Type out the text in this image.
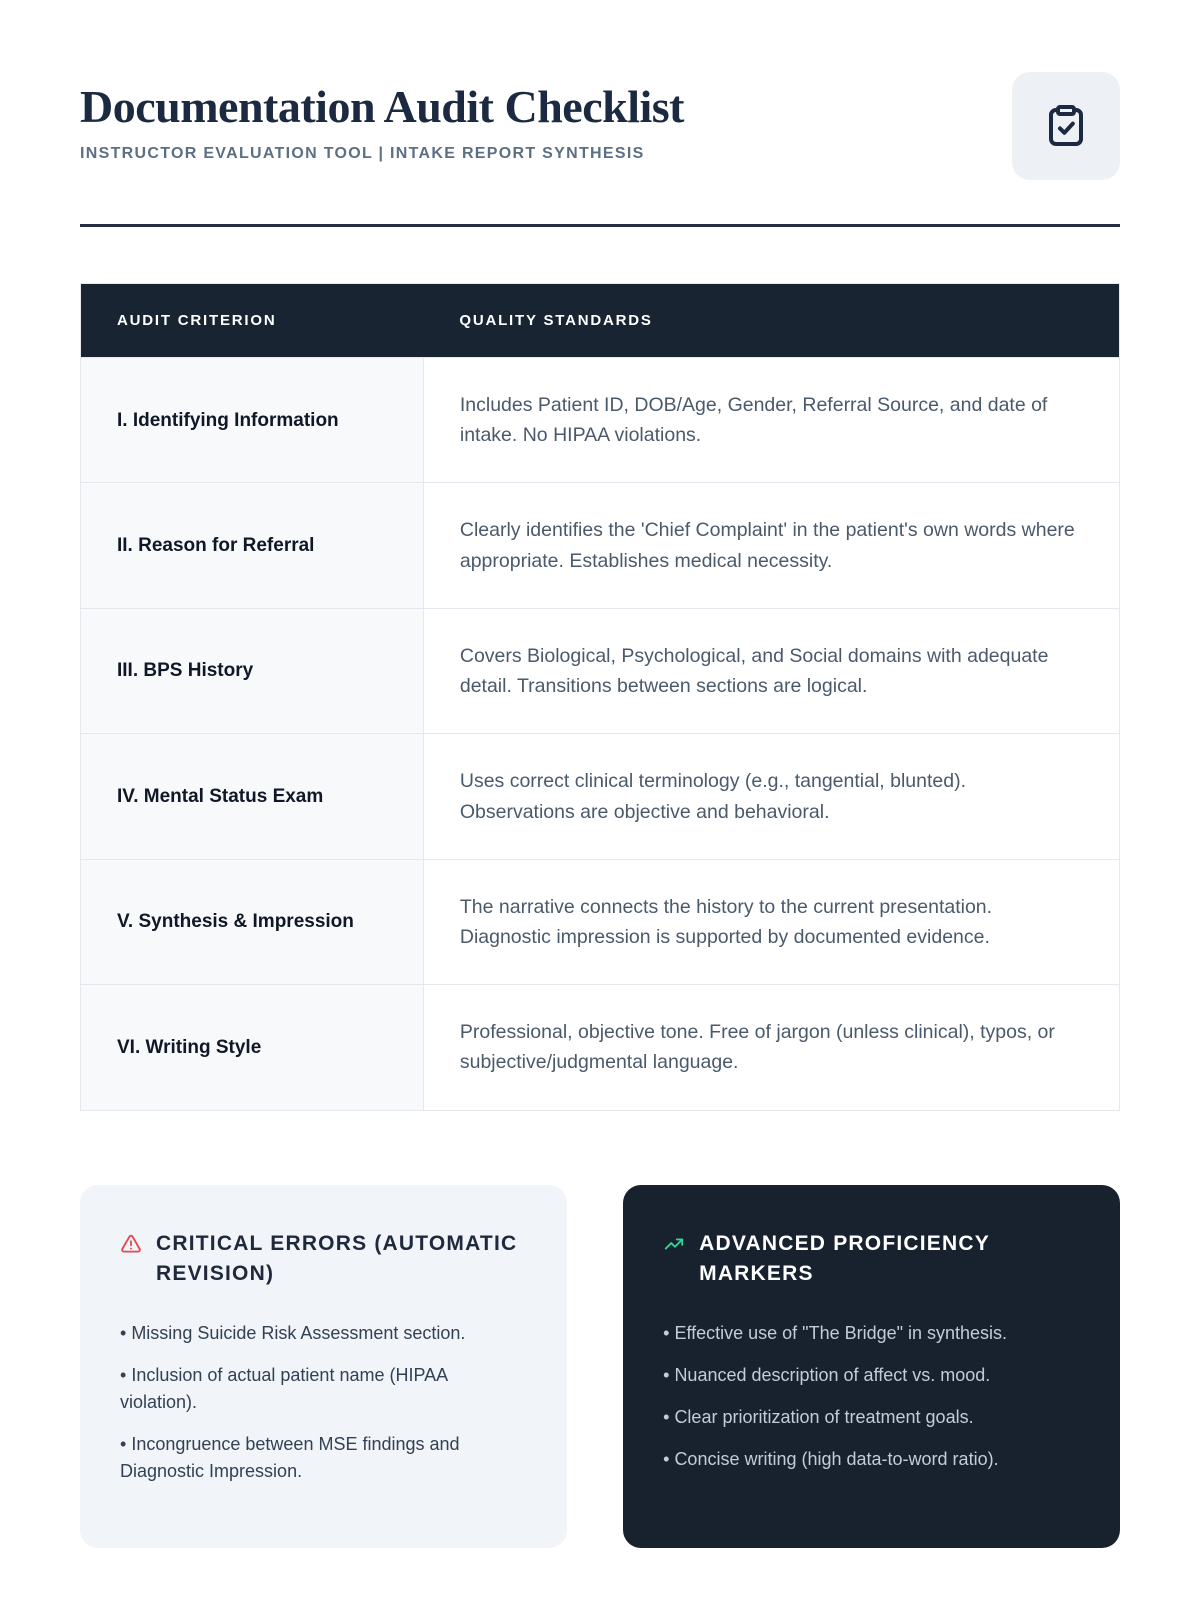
Documentation Audit Checklist
INSTRUCTOR EVALUATION TOOL | INTAKE REPORT SYNTHESIS
AUDIT CRITERION	QUALITY STANDARDS
I. Identifying Information	Includes Patient ID, DOB/Age, Gender, Referral Source, and date of intake. No HIPAA violations.
II. Reason for Referral	Clearly identifies the 'Chief Complaint' in the patient's own words where appropriate. Establishes medical necessity.
III. BPS History	Covers Biological, Psychological, and Social domains with adequate detail. Transitions between sections are logical.
IV. Mental Status Exam	Uses correct clinical terminology (e.g., tangential, blunted). Observations are objective and behavioral.
V. Synthesis & Impression	The narrative connects the history to the current presentation. Diagnostic impression is supported by documented evidence.
VI. Writing Style	Professional, objective tone. Free of jargon (unless clinical), typos, or subjective/judgmental language.
CRITICAL ERRORS (AUTOMATIC REVISION)
• Missing Suicide Risk Assessment section.
• Inclusion of actual patient name (HIPAA violation).
• Incongruence between MSE findings and Diagnostic Impression.
ADVANCED PROFICIENCY MARKERS
• Effective use of "The Bridge" in synthesis.
• Nuanced description of affect vs. mood.
• Clear prioritization of treatment goals.
• Concise writing (high data-to-word ratio).
